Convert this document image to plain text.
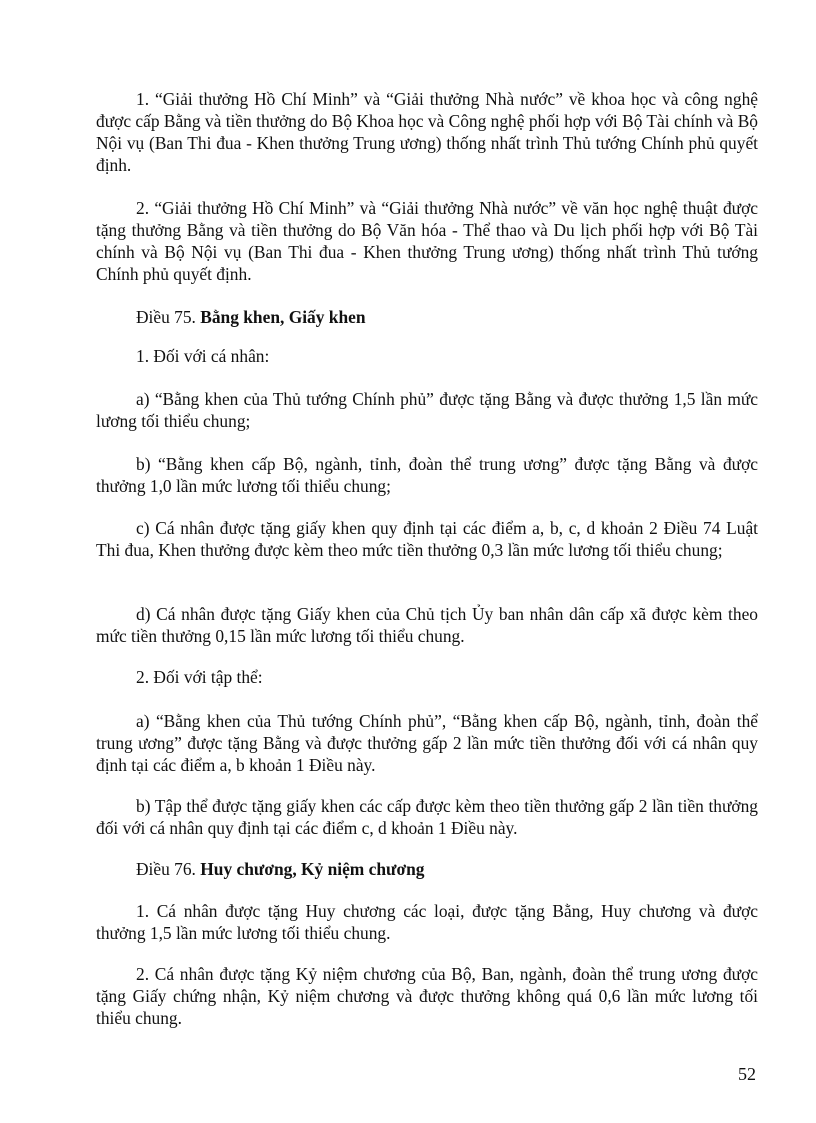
1. “Giải thưởng Hồ Chí Minh” và “Giải thưởng Nhà nước” về khoa học và công nghệ được cấp Bằng và tiền thưởng do Bộ Khoa học và Công nghệ phối hợp với Bộ Tài chính và Bộ Nội vụ (Ban Thi đua - Khen thưởng Trung ương) thống nhất trình Thủ tướng Chính phủ quyết định.

2. “Giải thưởng Hồ Chí Minh” và “Giải thưởng Nhà nước” về văn học nghệ thuật được tặng thưởng Bằng và tiền thưởng do Bộ Văn hóa - Thể thao và Du lịch phối hợp với Bộ Tài chính và Bộ Nội vụ (Ban Thi đua - Khen thưởng Trung ương) thống nhất trình Thủ tướng Chính phủ quyết định.

Điều 75. Bằng khen, Giấy khen

1. Đối với cá nhân:

a) “Bằng khen của Thủ tướng Chính phủ” được tặng Bằng và được thưởng 1,5 lần mức lương tối thiểu chung;

b) “Bằng khen cấp Bộ, ngành, tỉnh, đoàn thể trung ương” được tặng Bằng và được thưởng 1,0 lần mức lương tối thiểu chung;

c) Cá nhân được tặng giấy khen quy định tại các điểm a, b, c, d khoản 2 Điều 74 Luật Thi đua, Khen thưởng được kèm theo mức tiền thưởng 0,3 lần mức lương tối thiểu chung;

d) Cá nhân được tặng Giấy khen của Chủ tịch Ủy ban nhân dân cấp xã được kèm theo mức tiền thưởng 0,15 lần mức lương tối thiểu chung.

2. Đối với tập thể:

a) “Bằng khen của Thủ tướng Chính phủ”, “Bằng khen cấp Bộ, ngành, tỉnh, đoàn thể trung ương” được tặng Bằng và được thưởng gấp 2 lần mức tiền thưởng đối với cá nhân quy định tại các điểm a, b khoản 1 Điều này.

b) Tập thể được tặng giấy khen các cấp được kèm theo tiền thưởng gấp 2 lần tiền thưởng đối với cá nhân quy định tại các điểm c, d khoản 1 Điều này.

Điều 76. Huy chương, Kỷ niệm chương

1. Cá nhân được tặng Huy chương các loại, được tặng Bằng, Huy chương và được thưởng 1,5 lần mức lương tối thiểu chung.

2. Cá nhân được tặng Kỷ niệm chương của Bộ, Ban, ngành, đoàn thể trung ương được tặng Giấy chứng nhận, Kỷ niệm chương và được thưởng không quá 0,6 lần mức lương tối thiểu chung.

52
